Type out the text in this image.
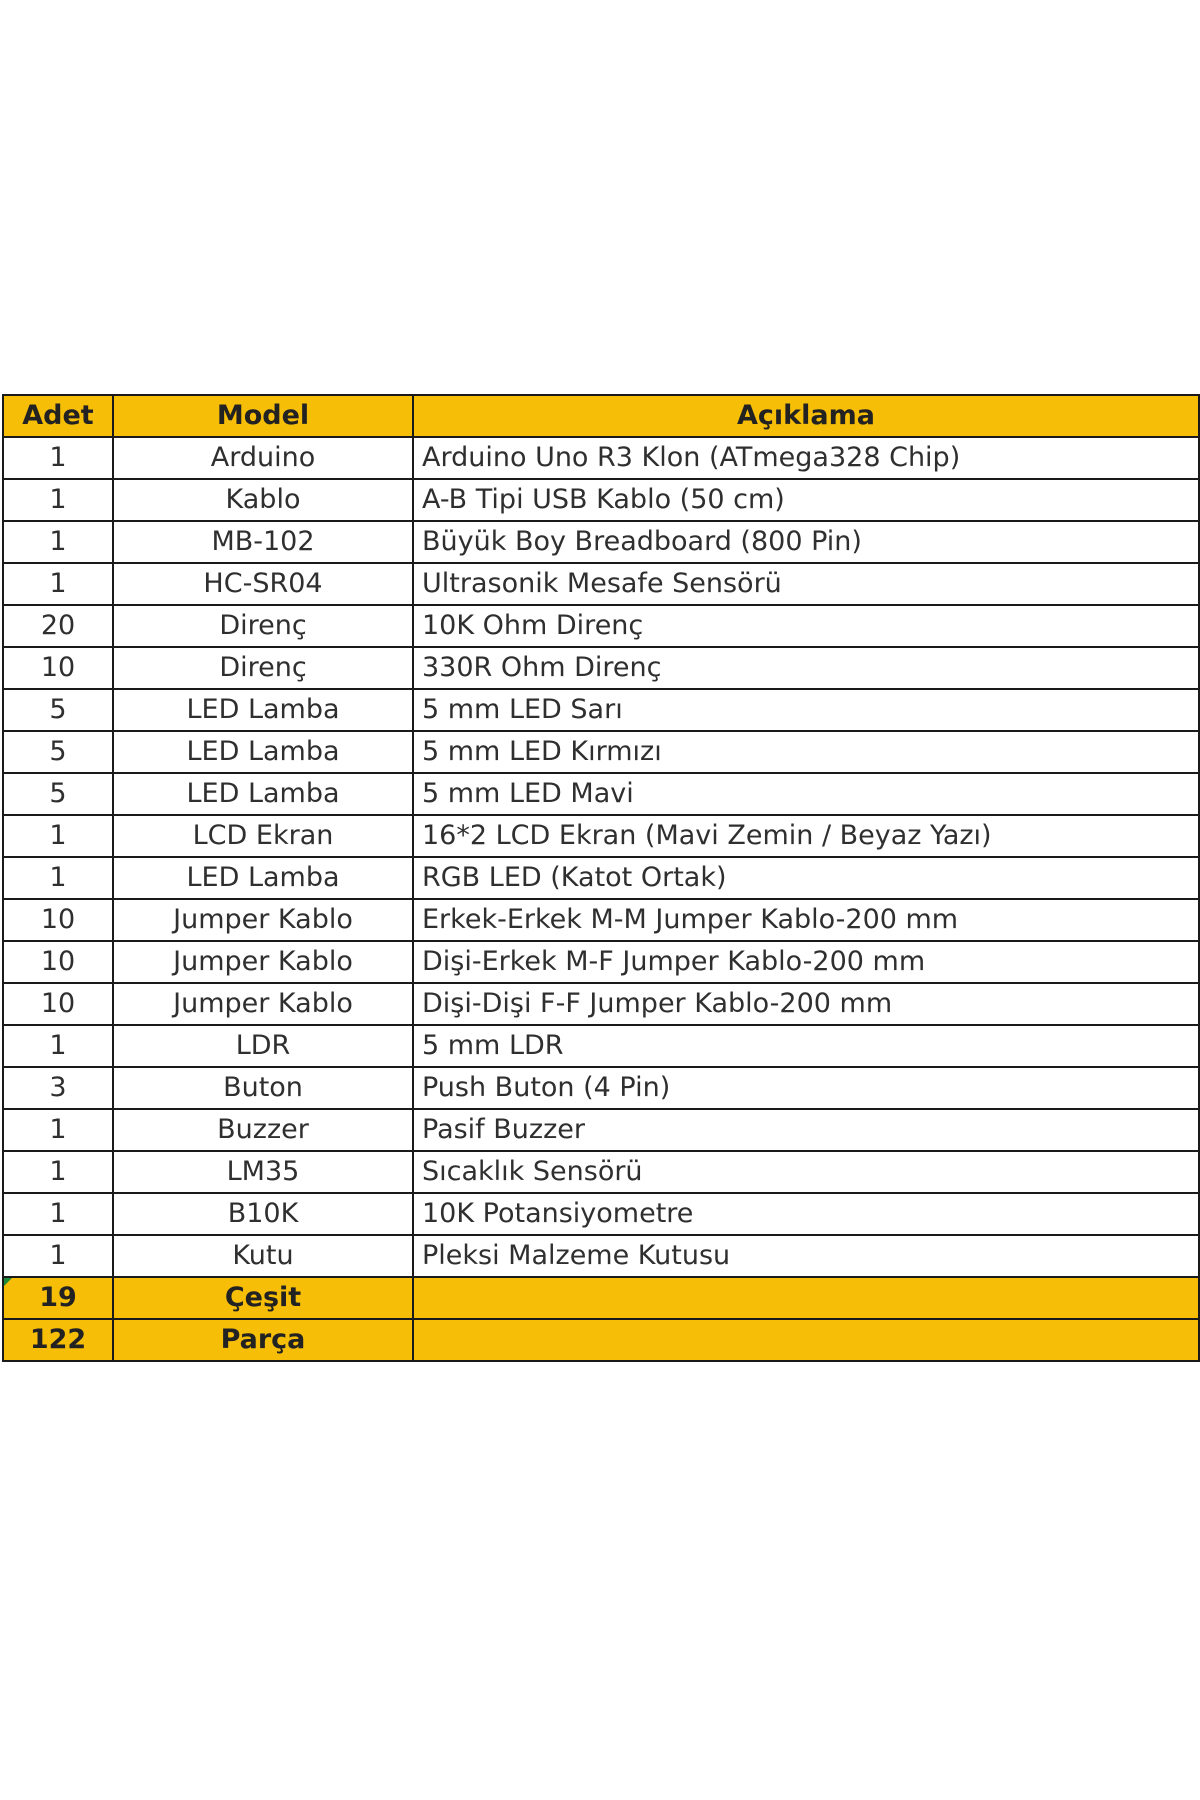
Adet	Model	Açıklama
1	Arduino	Arduino Uno R3 Klon (ATmega328 Chip)
1	Kablo	A-B Tipi USB Kablo (50 cm)
1	MB-102	Büyük Boy Breadboard (800 Pin)
1	HC-SR04	Ultrasonik Mesafe Sensörü
20	Direnç	10K Ohm Direnç
10	Direnç	330R Ohm Direnç
5	LED Lamba	5 mm LED Sarı
5	LED Lamba	5 mm LED Kırmızı
5	LED Lamba	5 mm LED Mavi
1	LCD Ekran	16*2 LCD Ekran (Mavi Zemin / Beyaz Yazı)
1	LED Lamba	RGB LED (Katot Ortak)
10	Jumper Kablo	Erkek-Erkek M-M Jumper Kablo-200 mm
10	Jumper Kablo	Dişi-Erkek M-F Jumper Kablo-200 mm
10	Jumper Kablo	Dişi-Dişi F-F Jumper Kablo-200 mm
1	LDR	5 mm LDR
3	Buton	Push Buton (4 Pin)
1	Buzzer	Pasif Buzzer
1	LM35	Sıcaklık Sensörü
1	B10K	10K Potansiyometre
1	Kutu	Pleksi Malzeme Kutusu

19	Çeşit	
122	Parça	
